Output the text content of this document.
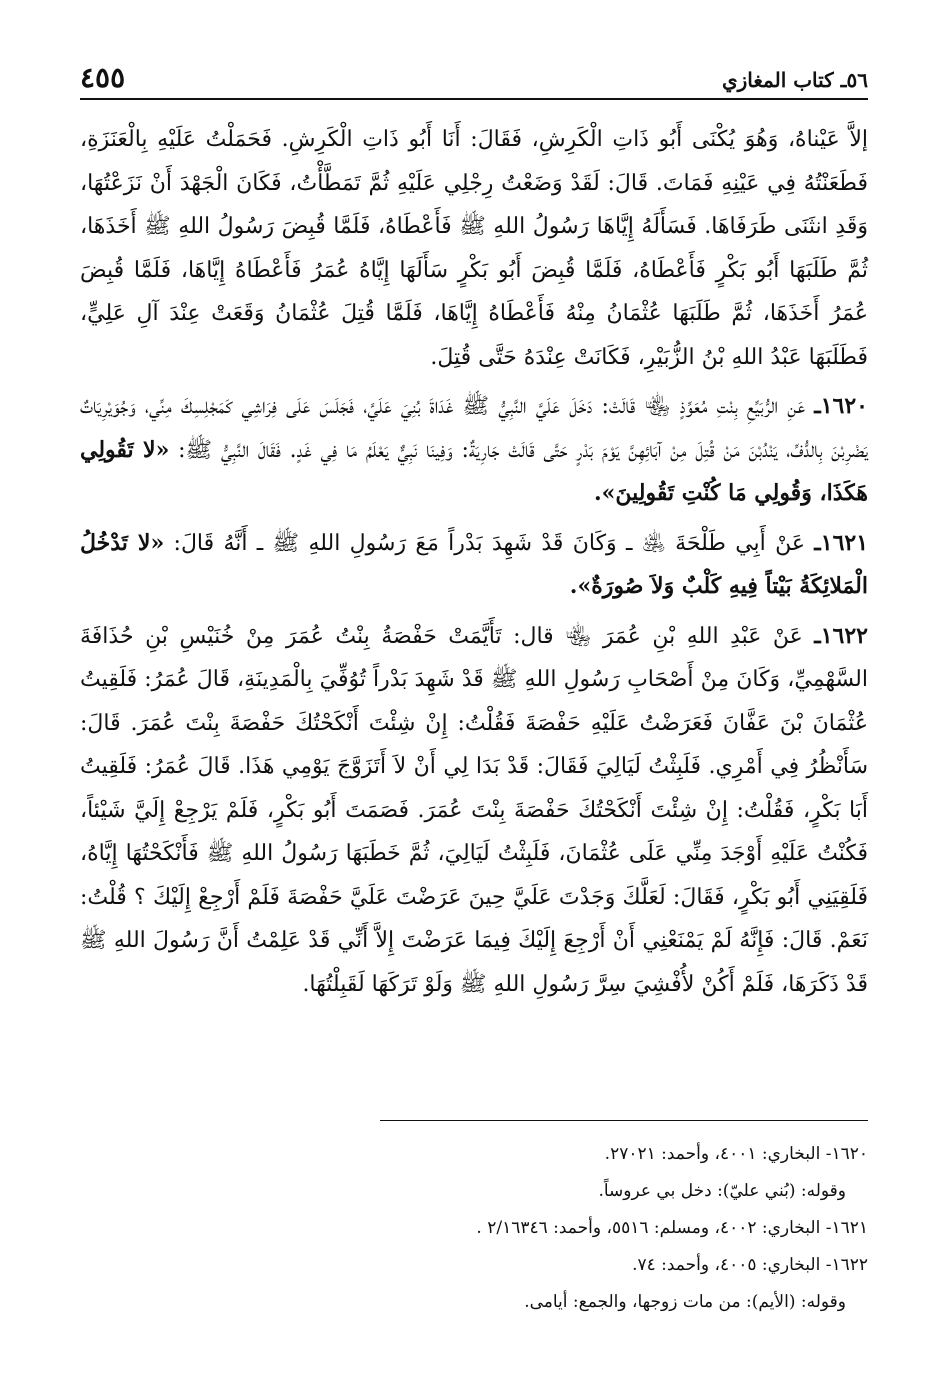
٥٦ـ كتاب المغازي
٤٥٥

إلاَّ عَيْناهُ، وَهُوَ يُكْنَى أَبُو ذَاتِ الْكَرِشِ، فَقَالَ: أَنَا أَبُو ذَاتِ الْكَرِشِ. فَحَمَلْتُ عَلَيْهِ بِالْعَنَزَةِ، فَطَعَنْتُهُ فِي عَيْنِهِ فَمَاتَ. قَالَ: لَقَدْ وَضَعْتُ رِجْلِي عَلَيْهِ ثُمَّ تَمَطَّأْتُ، فَكَانَ الْجَهْدَ أَنْ نَزَعْتُهَا، وَقَدِ انثَنَى طَرَفَاهَا. فَسَأَلَهُ إِيَّاهَا رَسُولُ اللهِ ﷺ فَأَعْطَاهُ، فَلَمَّا قُبِضَ رَسُولُ اللهِ ﷺ أَخَذَهَا، ثُمَّ طَلَبَهَا أَبُو بَكْرٍ فَأَعْطَاهُ، فَلَمَّا قُبِضَ أَبُو بَكْرٍ سَأَلَهَا إِيَّاهُ عُمَرُ فَأَعْطَاهُ إِيَّاهَا، فَلَمَّا قُبِضَ عُمَرُ أَخَذَهَا، ثُمَّ طَلَبَهَا عُثْمَانُ مِنْهُ فَأَعْطَاهُ إِيَّاهَا، فَلَمَّا قُتِلَ عُثْمَانُ وَقَعَتْ عِنْدَ آلِ عَلِيٍّ، فَطَلَبَهَا عَبْدُ اللهِ بْنُ الزُّبَيْرِ، فَكَانَتْ عِنْدَهُ حَتَّى قُتِلَ.

١٦٢٠ـ عَنِ الرُّبَيِّعِ بِنْتِ مُعَوِّذٍ ﵄ قَالَتْ: دَخَلَ عَلَيَّ النَّبِيُّ ﷺ غَدَاةَ بُنِيَ عَلَيَّ، فَجَلَسَ عَلَى فِرَاشِي كَمَجْلِسِكَ مِنِّي، وَجُوَيْرِيَاتٌ يَضْرِبْنَ بِالدُّفِّ، يَنْدُبْنَ مَنْ قُتِلَ مِنْ آبَائِهِنَّ يَوْمَ بَدْرٍ حَتَّى قَالَتْ جَارِيَةٌ: وَفِينَا نَبِيٌّ يَعْلَمُ مَا فِي غَدٍ. فَقَالَ النَّبِيُّ ﷺ: «لا تَقُولِي هَكَذَا، وَقُولِي مَا كُنْتِ تَقُولِينَ».

١٦٢١ـ عَنْ أَبِي طَلْحَةَ ﵁ ـ وَكَانَ قَدْ شَهِدَ بَدْراً مَعَ رَسُولِ اللهِ ﷺ ـ أَنَّهُ قَالَ: «لا تَدْخُلُ الْمَلائِكَةُ بَيْتاً فِيهِ كَلْبٌ وَلاَ صُورَةٌ».

١٦٢٢ـ عَنْ عَبْدِ اللهِ بْنِ عُمَرَ ﵄ قال: تَأَيَّمَتْ حَفْصَةُ بِنْتُ عُمَرَ مِنْ خُنَيْسِ بْنِ حُذَافَةَ السَّهْمِيِّ، وَكَانَ مِنْ أَصْحَابِ رَسُولِ اللهِ ﷺ قَدْ شَهِدَ بَدْراً تُوُفِّيَ بِالْمَدِينَةِ، قَالَ عُمَرُ: فَلَقِيتُ عُثْمَانَ بْنَ عَفَّانَ فَعَرَضْتُ عَلَيْهِ حَفْصَةَ فَقُلْتُ: إِنْ شِئْتَ أَنْكَحْتُكَ حَفْصَةَ بِنْتَ عُمَرَ. قَالَ: سَأَنْظُرُ فِي أَمْرِي. فَلَبِثْتُ لَيَالِيَ فَقَالَ: قَدْ بَدَا لِي أَنْ لاَ أَتَزَوَّجَ يَوْمِي هَذَا. قَالَ عُمَرُ: فَلَقِيتُ أَبَا بَكْرٍ، فَقُلْتُ: إِنْ شِئْتَ أَنْكَحْتُكَ حَفْصَةَ بِنْتَ عُمَرَ. فَصَمَتَ أَبُو بَكْرٍ، فَلَمْ يَرْجِعْ إِلَيَّ شَيْئاً، فَكُنْتُ عَلَيْهِ أَوْجَدَ مِنِّي عَلَى عُثْمَانَ، فَلَبِثْتُ لَيَالِيَ، ثُمَّ خَطَبَهَا رَسُولُ اللهِ ﷺ فَأَنْكَحْتُهَا إِيَّاهُ، فَلَقِيَنِي أَبُو بَكْرٍ، فَقَالَ: لَعَلَّكَ وَجَدْتَ عَلَيَّ حِينَ عَرَضْتَ عَلَيَّ حَفْصَةَ فَلَمْ أَرْجِعْ إِلَيْكَ ؟ قُلْتُ: نَعَمْ. قَالَ: فَإِنَّهُ لَمْ يَمْنَعْنِي أَنْ أَرْجِعَ إِلَيْكَ فِيمَا عَرَضْتَ إِلاَّ أَنِّي قَدْ عَلِمْتُ أَنَّ رَسُولَ اللهِ ﷺ قَدْ ذَكَرَهَا، فَلَمْ أَكُنْ لأُفْشِيَ سِرَّ رَسُولِ اللهِ ﷺ وَلَوْ تَرَكَهَا لَقَبِلْتُهَا.

١٦٢٠- البخاري: ٤٠٠١، وأحمد: ٢٧٠٢١.

وقوله: (بُني عليّ): دخل بي عروساً.

١٦٢١- البخاري: ٤٠٠٢، ومسلم: ٥٥١٦، وأحمد: ٢/١٦٣٤٦ .

١٦٢٢- البخاري: ٤٠٠٥، وأحمد: ٧٤.

وقوله: (الأيم): من مات زوجها، والجمع: أيامى.
